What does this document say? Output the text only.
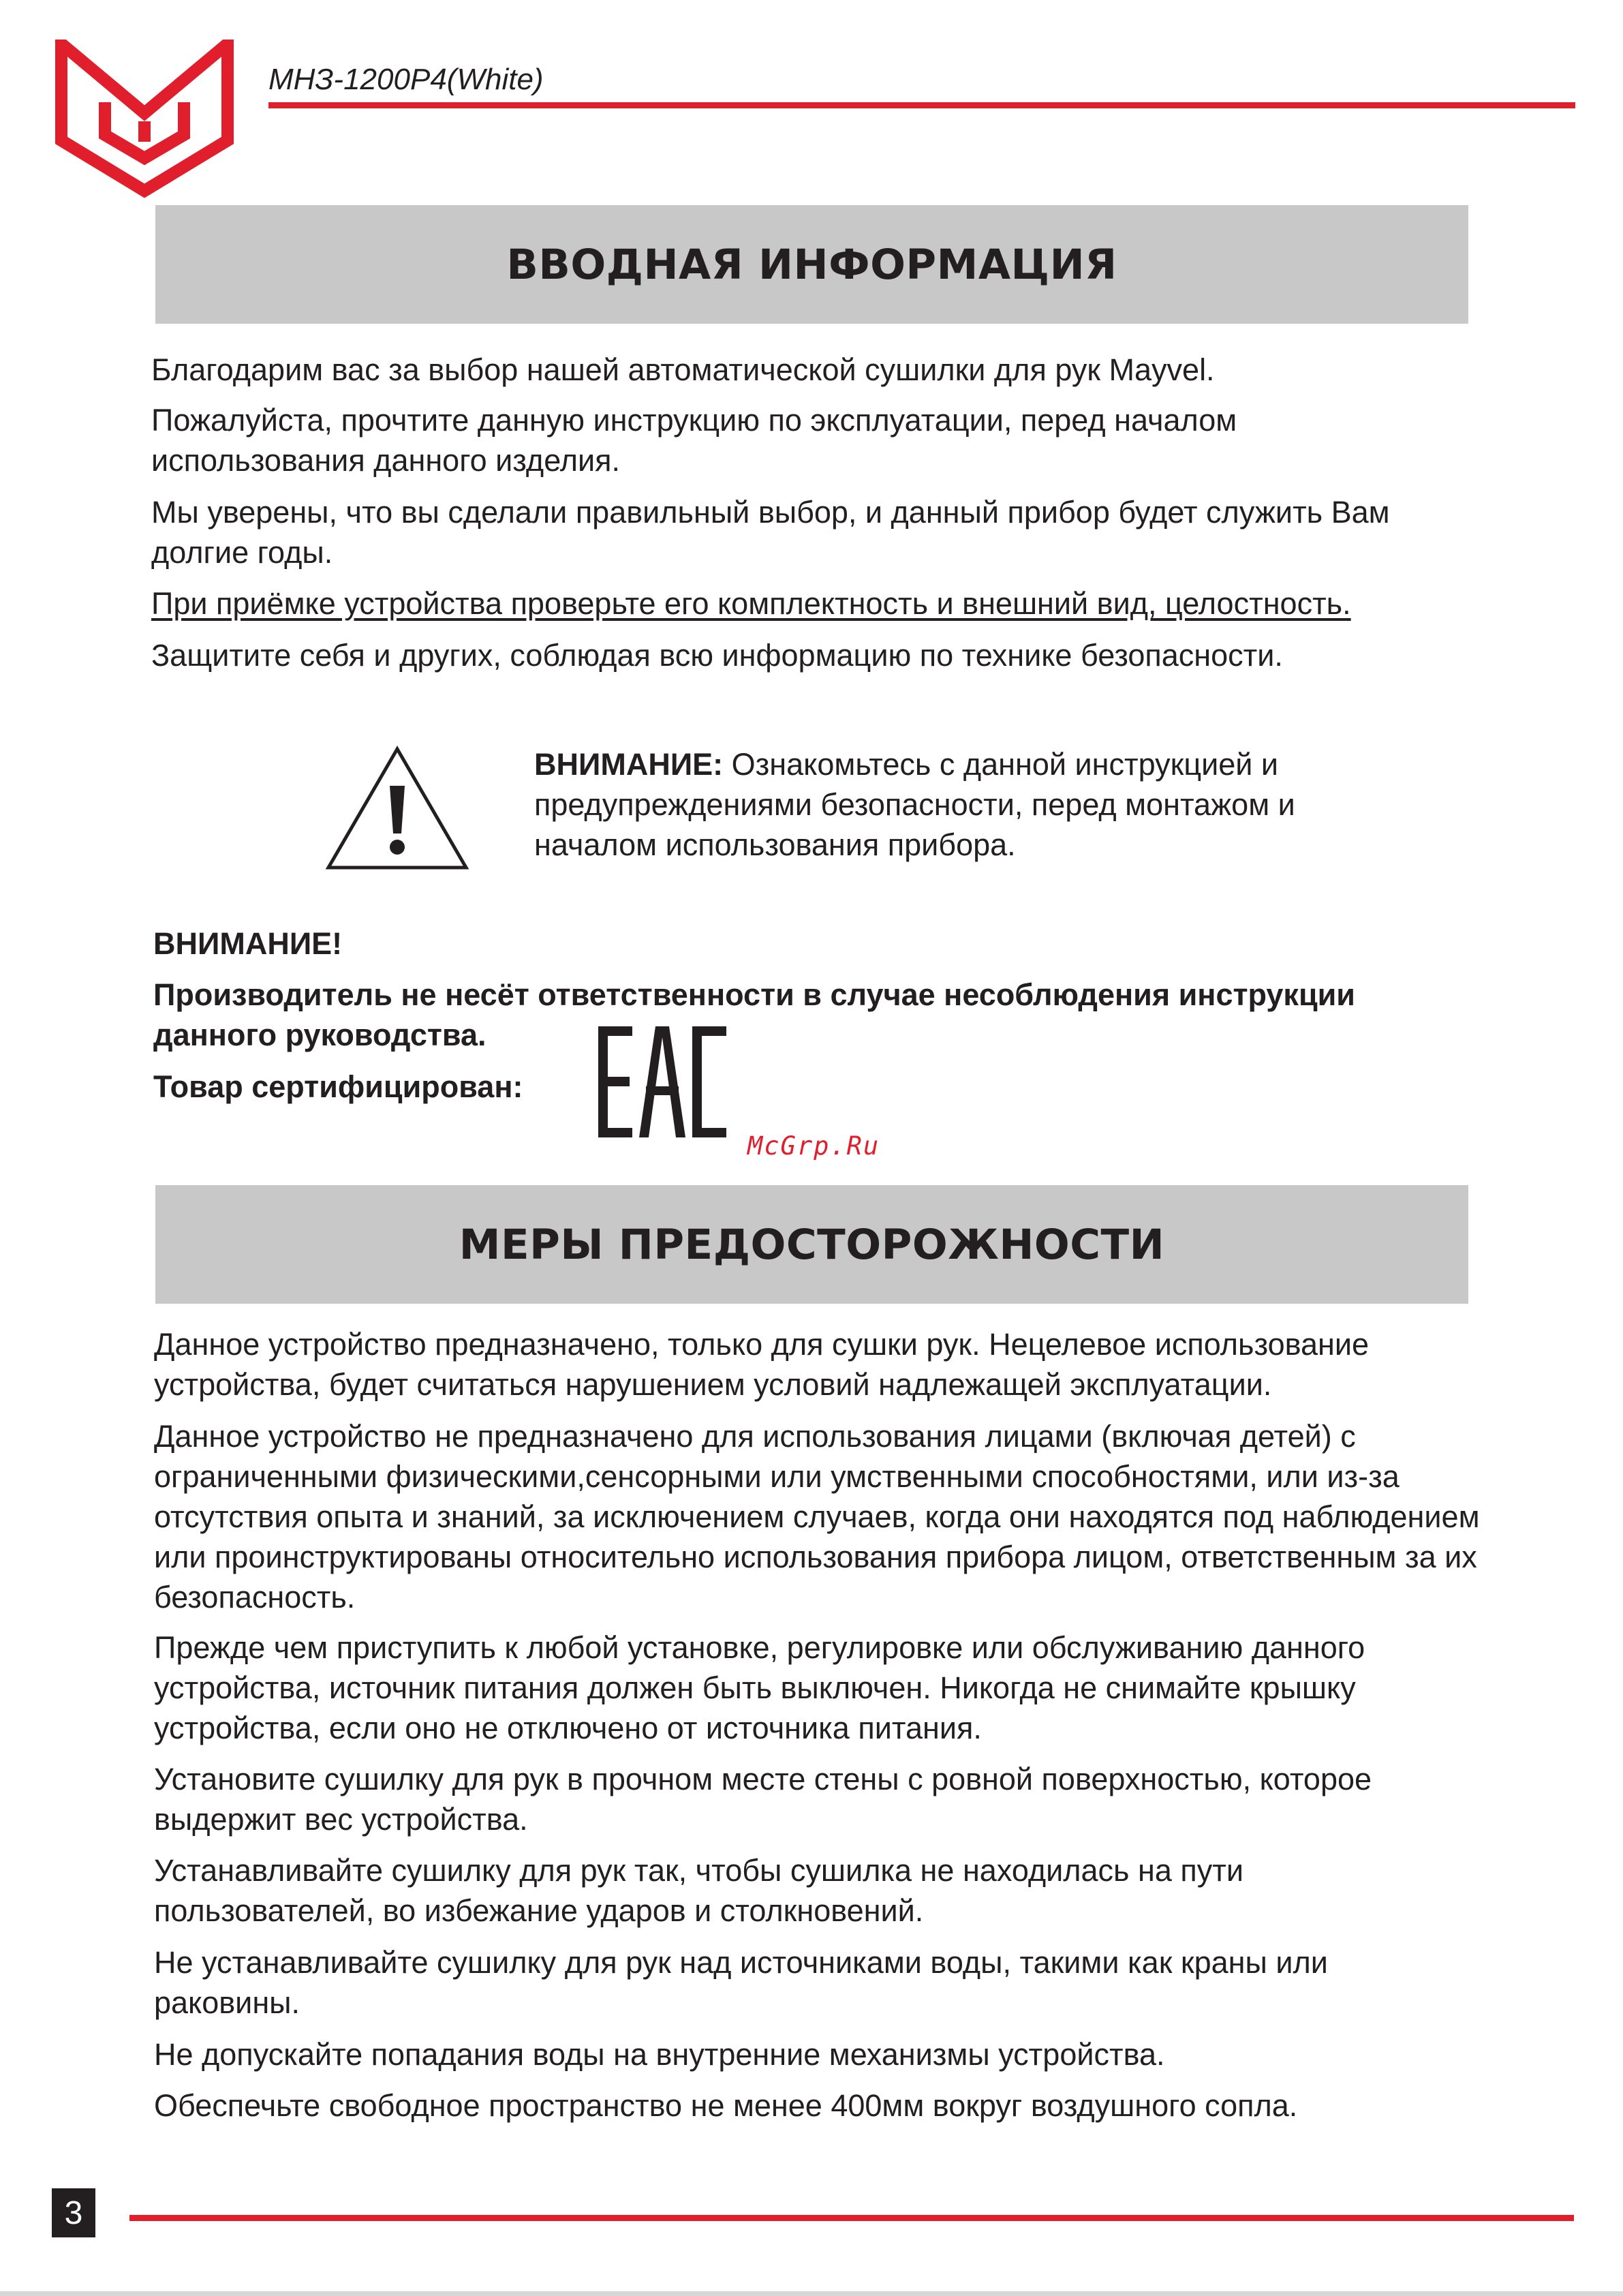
МНЗ-1200Р4(White)
ВВОДНАЯ ИНФОРМАЦИЯ

Благодарим вас за выбор нашей автоматической сушилки для рук Mayvel.

Пожалуйста, прочтите данную инструкцию по эксплуатации, перед началом использования данного изделия.

Мы уверены, что вы сделали правильный выбор, и данный прибор будет служить Вам долгие годы.

При приёмке устройства проверьте его комплектность и внешний вид, целостность.

Защитите себя и других, соблюдая всю информацию по технике безопасности.

ВНИМАНИЕ: Ознакомьтесь с данной инструкцией и предупреждениями безопасности, перед монтажом и началом использования прибора.

ВНИМАНИЕ!

Производитель не несёт ответственности в случае несоблюдения инструкции

данного руководства.

Товар сертифицирован:

McGrp.Ru
МЕРЫ ПРЕДОСТОРОЖНОСТИ

Данное устройство предназначено, только для сушки рук. Нецелевое использование устройства, будет считаться нарушением условий надлежащей эксплуатации.

Данное устройство не предназначено для использования лицами (включая детей) с ограниченными физическими,сенсорными или умственными способностями, или из-за отсутствия опыта и знаний, за исключением случаев, когда они находятся под наблюдением или проинструктированы относительно использования прибора лицом, ответственным за их безопасность.

Прежде чем приступить к любой установке, регулировке или обслуживанию данного устройства, источник питания должен быть выключен. Никогда не снимайте крышку устройства, если оно не отключено от источника питания.

Установите сушилку для рук в прочном месте стены с ровной поверхностью, которое выдержит вес устройства.

Устанавливайте сушилку для рук так, чтобы сушилка не находилась на пути пользователей, во избежание ударов и столкновений.

Не устанавливайте сушилку для рук над источниками воды, такими как краны или раковины.

Не допускайте попадания воды на внутренние механизмы устройства.

Обеспечьте свободное пространство не менее 400мм вокруг воздушного сопла.

3
